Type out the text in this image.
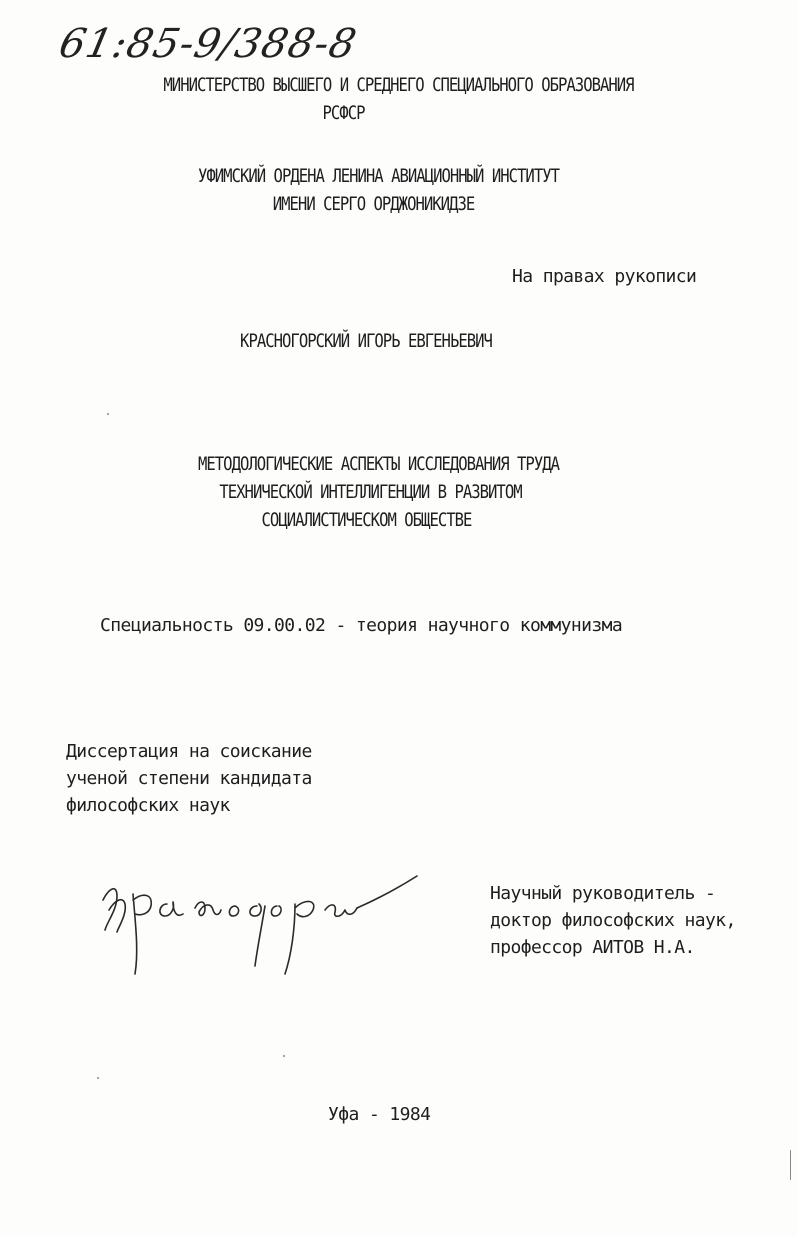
61:85-9/388-8
МИНИСТЕРСТВО ВЫСШЕГО И СРЕДНЕГО СПЕЦИАЛЬНОГО ОБРАЗОВАНИЯ
РСФСР
УФИМСКИЙ ОРДЕНА ЛЕНИНА АВИАЦИОННЫЙ ИНСТИТУТ
ИМЕНИ СЕРГО ОРДЖОНИКИДЗЕ
На правах рукописи
КРАСНОГОРСКИЙ ИГОРЬ ЕВГЕНЬЕВИЧ
МЕТОДОЛОГИЧЕСКИЕ АСПЕКТЫ ИССЛЕДОВАНИЯ ТРУДА
ТЕХНИЧЕСКОЙ ИНТЕЛЛИГЕНЦИИ В РАЗВИТОМ
СОЦИАЛИСТИЧЕСКОМ ОБЩЕСТВЕ
Специальность 09.00.02 - теория научного коммунизма
Диссертация на соискание
ученой степени кандидата
философских наук
Научный руководитель -
доктор философских наук,
профессор АИТОВ Н.А.
Уфа - 1984
